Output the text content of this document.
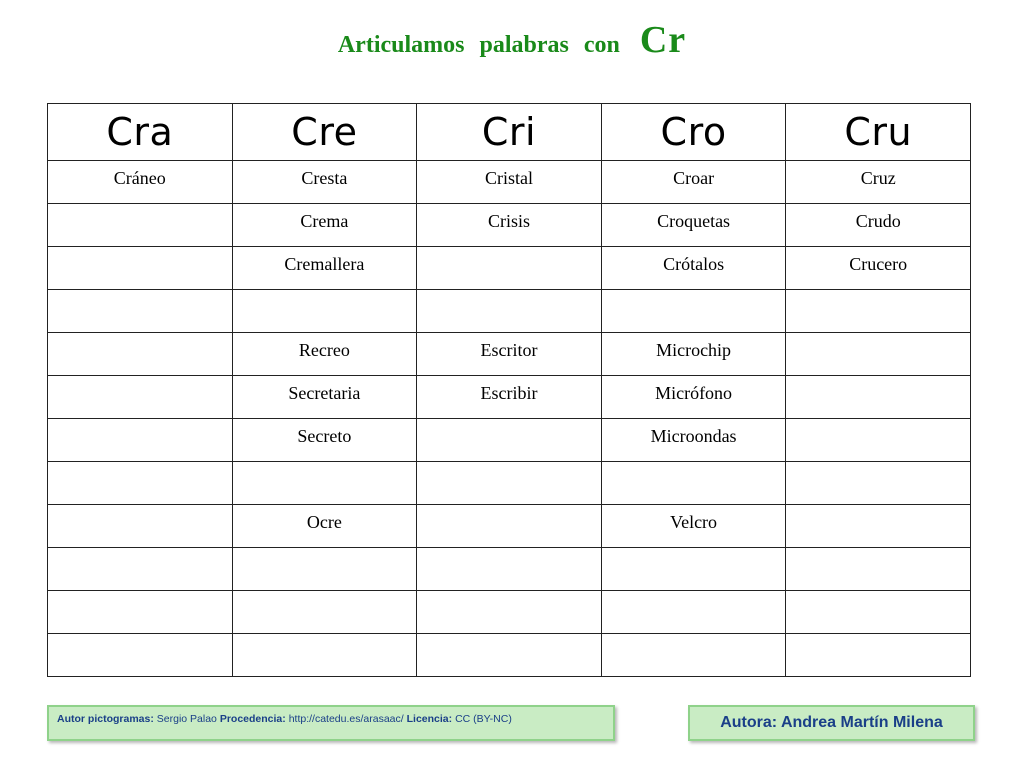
Articulamos palabras con Cr
Cra	Cre	Cri	Cro	Cru
Cráneo	Cresta	Cristal	Croar	Cruz
	Crema	Crisis	Croquetas	Crudo
	Cremallera		Crótalos	Crucero

	Recreo	Escritor	Microchip	
	Secretaria	Escribir	Micrófono	
	Secreto		Microondas	

	Ocre		Velcro	

Autor pictogramas: Sergio Palao Procedencia: http://catedu.es/arasaac/ Licencia: CC (BY-NC)	Autora: Andrea Martín Milena
